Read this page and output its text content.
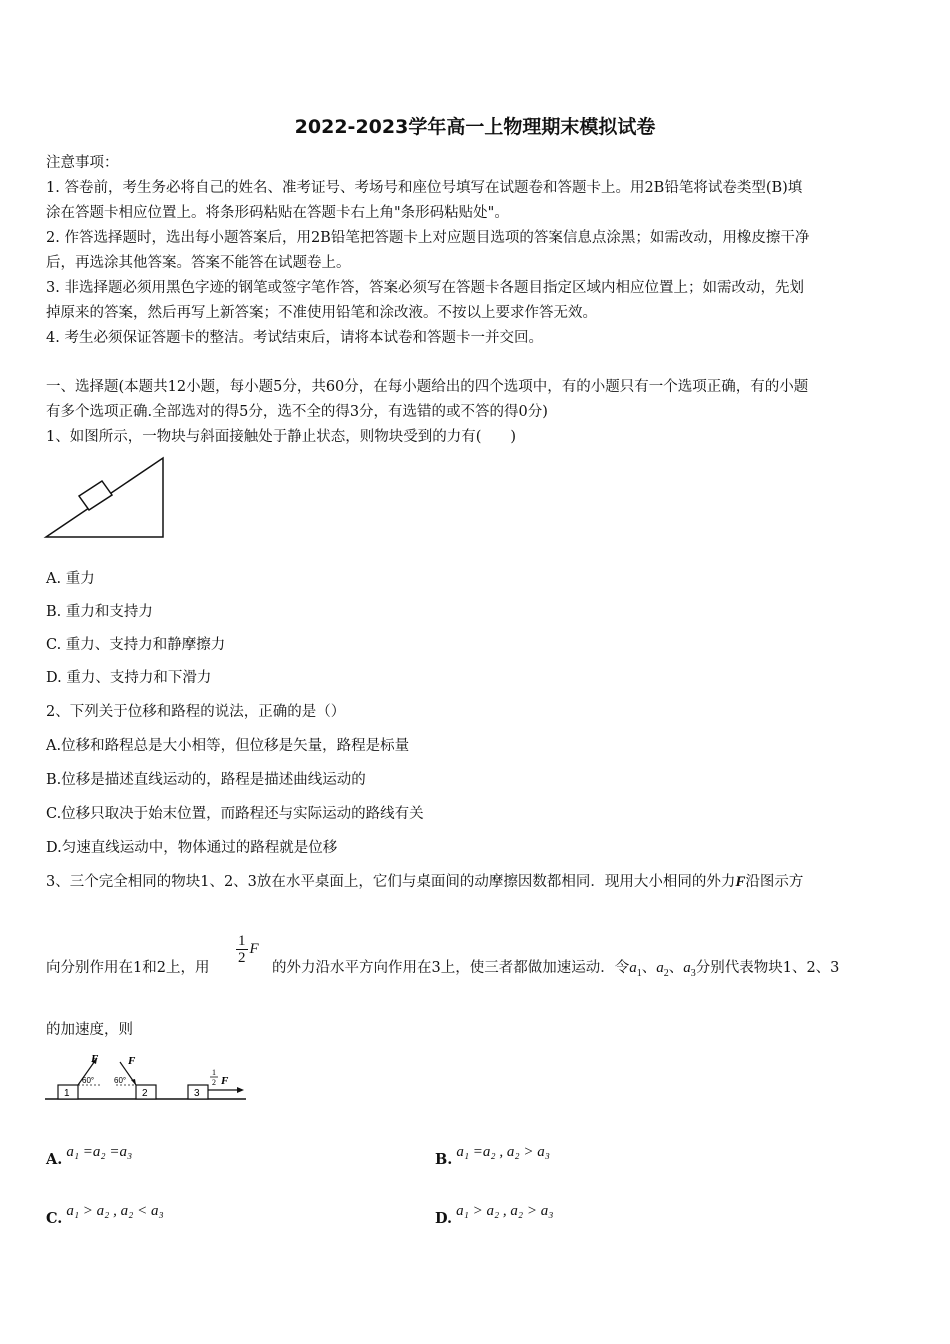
2022-2023学年高一上物理期末模拟试卷
注意事项：
1. 答卷前，考生务必将自己的姓名、准考证号、考场号和座位号填写在试题卷和答题卡上。用2B铅笔将试卷类型(B)填
涂在答题卡相应位置上。将条形码粘贴在答题卡右上角"条形码粘贴处"。
2. 作答选择题时，选出每小题答案后，用2B铅笔把答题卡上对应题目选项的答案信息点涂黑；如需改动，用橡皮擦干净
后，再选涂其他答案。答案不能答在试题卷上。
3. 非选择题必须用黑色字迹的钢笔或签字笔作答，答案必须写在答题卡各题目指定区域内相应位置上；如需改动，先划
掉原来的答案，然后再写上新答案；不准使用铅笔和涂改液。不按以上要求作答无效。
4. 考生必须保证答题卡的整洁。考试结束后，请将本试卷和答题卡一并交回。
一、选择题(本题共12小题，每小题5分，共60分，在每小题给出的四个选项中，有的小题只有一个选项正确，有的小题
有多个选项正确.全部选对的得5分，选不全的得3分，有选错的或不答的得0分)
1、如图所示，一物块与斜面接触处于静止状态，则物块受到的力有(　　)
A. 重力
B. 重力和支持力
C. 重力、支持力和静摩擦力
D. 重力、支持力和下滑力
2、下列关于位移和路程的说法，正确的是（）
A.位移和路程总是大小相等，但位移是矢量，路程是标量
B.位移是描述直线运动的，路程是描述曲线运动的
C.位移只取决于始末位置，而路程还与实际运动的路线有关
D.匀速直线运动中，物体通过的路程就是位移
3、三个完全相同的物块1、2、3放在水平桌面上，它们与桌面间的动摩擦因数都相同．现用大小相同的外力F沿图示方
向分别作用在1和2上，用
$\frac{1}{2}$ F
的外力沿水平方向作用在3上，使三者都做加速运动．令$a_1$、$a_2$、$a_3$分别代表物块1、2、3
的加速度，则
1
F
60°
2
F
60°
3
1
2 F
A. a₁ =a₂ =a₃	B. a₁ =a₂ , a₂ > a₃
C. a₁ > a₂ , a₂ < a₃	D. a₁ > a₂ , a₂ > a₃
